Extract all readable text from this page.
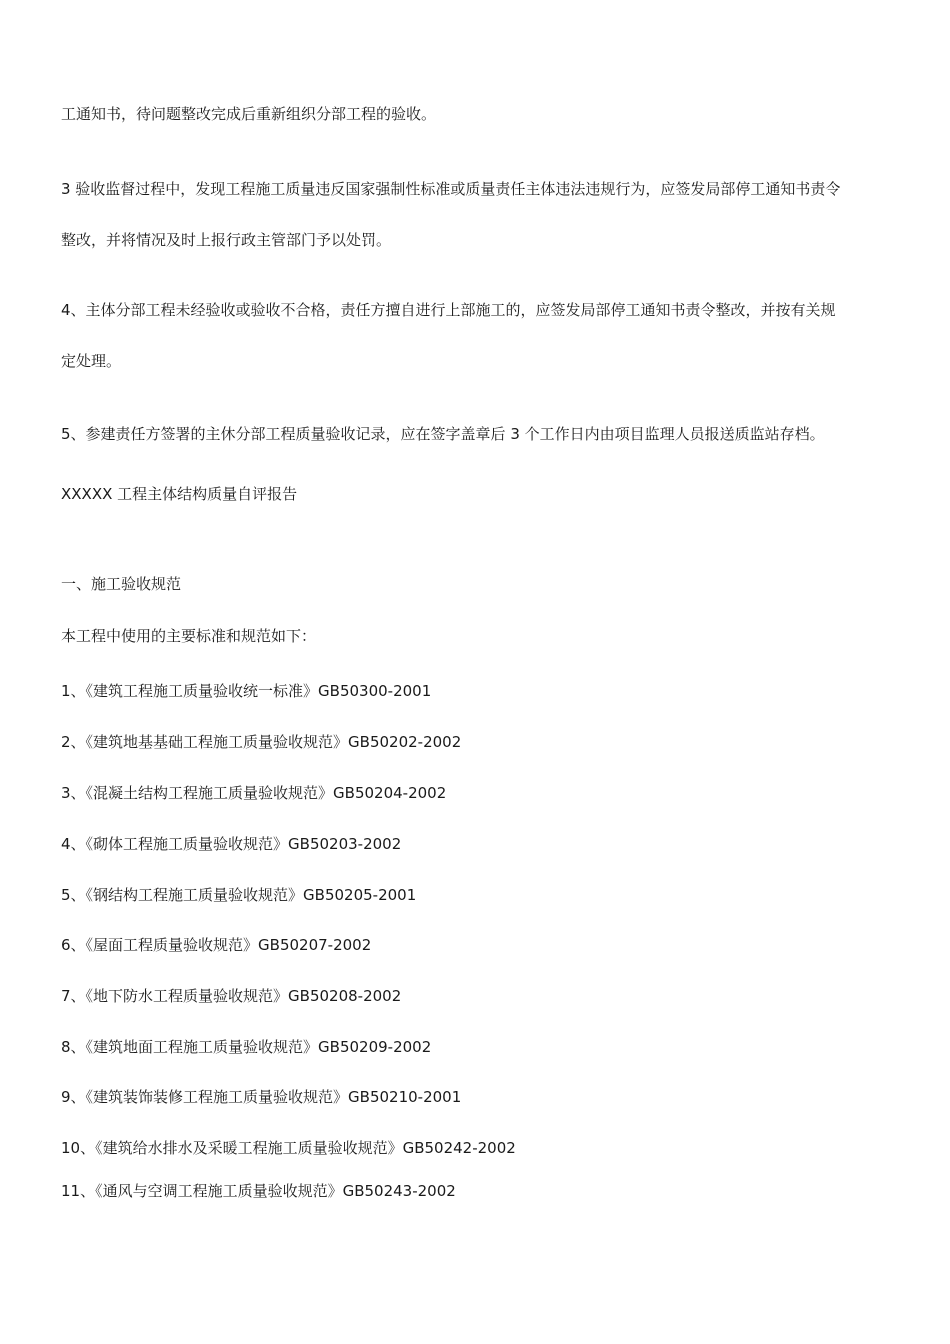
工通知书，待问题整改完成后重新组织分部工程的验收。
3 验收监督过程中，发现工程施工质量违反国家强制性标准或质量责任主体违法违规行为，应签发局部停工通知书责令
整改，并将情况及时上报行政主管部门予以处罚。
4、主体分部工程未经验收或验收不合格，责任方擅自进行上部施工的，应签发局部停工通知书责令整改，并按有关规
定处理。
5、参建责任方签署的主休分部工程质量验收记录，应在签字盖章后 3 个工作日内由项目监理人员报送质监站存档。
XXXXX 工程主体结构质量自评报告
一、施工验收规范
本工程中使用的主要标准和规范如下：
1、《建筑工程施工质量验收统一标准》GB50300-2001
2、《建筑地基基础工程施工质量验收规范》GB50202-2002
3、《混凝土结构工程施工质量验收规范》GB50204-2002
4、《砌体工程施工质量验收规范》GB50203-2002
5、《钢结构工程施工质量验收规范》GB50205-2001
6、《屋面工程质量验收规范》GB50207-2002
7、《地下防水工程质量验收规范》GB50208-2002
8、《建筑地面工程施工质量验收规范》GB50209-2002
9、《建筑装饰装修工程施工质量验收规范》GB50210-2001
10、《建筑给水排水及采暖工程施工质量验收规范》GB50242-2002
11、《通风与空调工程施工质量验收规范》GB50243-2002
